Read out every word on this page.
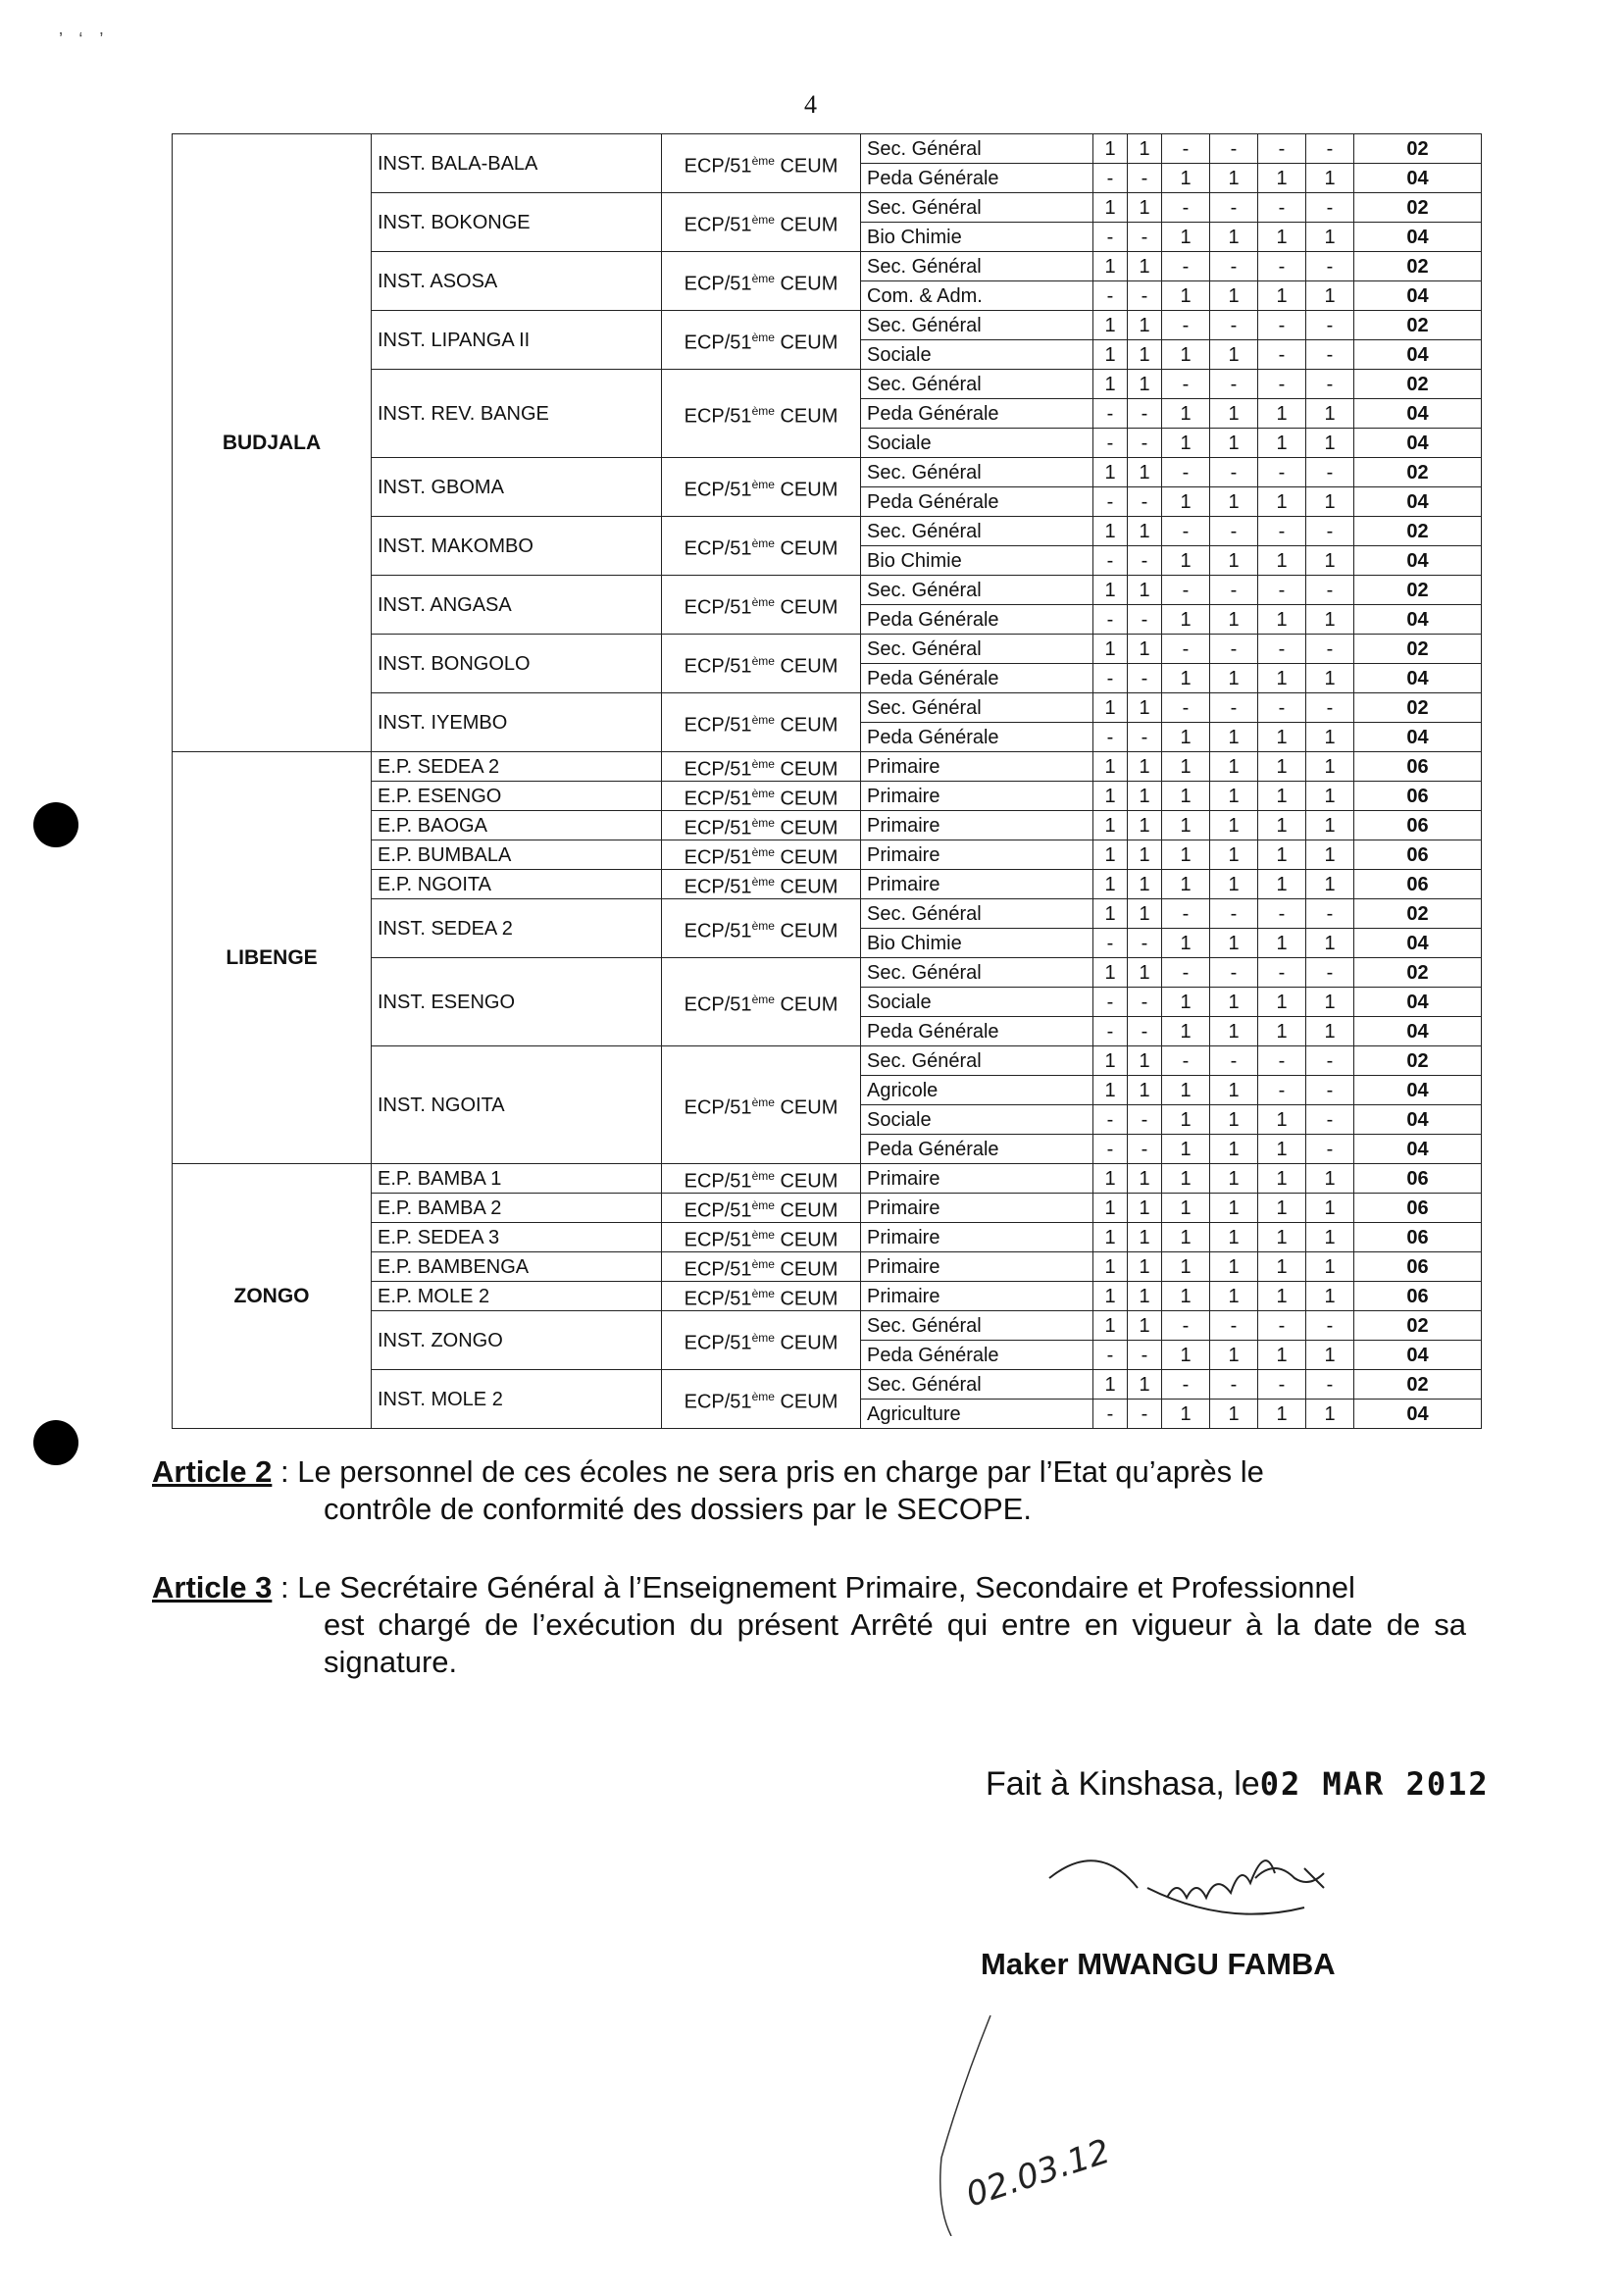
’ ‘ ’
4
BUDJALA	INST. BALA-BALA	ECP/51ème CEUM	Sec. Général	1	1	-	-	-	-	02
			Peda Générale	-	-	1	1	1	1	04
	INST. BOKONGE	ECP/51ème CEUM	Sec. Général	1	1	-	-	-	-	02
			Bio Chimie	-	-	1	1	1	1	04
	INST. ASOSA	ECP/51ème CEUM	Sec. Général	1	1	-	-	-	-	02
			Com. & Adm.	-	-	1	1	1	1	04
	INST. LIPANGA II	ECP/51ème CEUM	Sec. Général	1	1	-	-	-	-	02
			Sociale	1	1	1	1	-	-	04
	INST. REV. BANGE	ECP/51ème CEUM	Sec. Général	1	1	-	-	-	-	02
			Peda Générale	-	-	1	1	1	1	04
			Sociale	-	-	1	1	1	1	04
	INST. GBOMA	ECP/51ème CEUM	Sec. Général	1	1	-	-	-	-	02
			Peda Générale	-	-	1	1	1	1	04
	INST. MAKOMBO	ECP/51ème CEUM	Sec. Général	1	1	-	-	-	-	02
			Bio Chimie	-	-	1	1	1	1	04
	INST. ANGASA	ECP/51ème CEUM	Sec. Général	1	1	-	-	-	-	02
			Peda Générale	-	-	1	1	1	1	04
	INST. BONGOLO	ECP/51ème CEUM	Sec. Général	1	1	-	-	-	-	02
			Peda Générale	-	-	1	1	1	1	04
	INST. IYEMBO	ECP/51ème CEUM	Sec. Général	1	1	-	-	-	-	02
			Peda Générale	-	-	1	1	1	1	04
LIBENGE	E.P. SEDEA 2	ECP/51ème CEUM	Primaire	1	1	1	1	1	1	06
	E.P. ESENGO	ECP/51ème CEUM	Primaire	1	1	1	1	1	1	06
	E.P. BAOGA	ECP/51ème CEUM	Primaire	1	1	1	1	1	1	06
	E.P. BUMBALA	ECP/51ème CEUM	Primaire	1	1	1	1	1	1	06
	E.P. NGOITA	ECP/51ème CEUM	Primaire	1	1	1	1	1	1	06
	INST. SEDEA 2	ECP/51ème CEUM	Sec. Général	1	1	-	-	-	-	02
			Bio Chimie	-	-	1	1	1	1	04
	INST. ESENGO	ECP/51ème CEUM	Sec. Général	1	1	-	-	-	-	02
			Sociale	-	-	1	1	1	1	04
			Peda Générale	-	-	1	1	1	1	04
	INST. NGOITA	ECP/51ème CEUM	Sec. Général	1	1	-	-	-	-	02
			Agricole	1	1	1	1	-	-	04
			Sociale	-	-	1	1	1	-	04
			Peda Générale	-	-	1	1	1	-	04
ZONGO	E.P. BAMBA 1	ECP/51ème CEUM	Primaire	1	1	1	1	1	1	06
	E.P. BAMBA 2	ECP/51ème CEUM	Primaire	1	1	1	1	1	1	06
	E.P. SEDEA 3	ECP/51ème CEUM	Primaire	1	1	1	1	1	1	06
	E.P. BAMBENGA	ECP/51ème CEUM	Primaire	1	1	1	1	1	1	06
	E.P. MOLE 2	ECP/51ème CEUM	Primaire	1	1	1	1	1	1	06
	INST. ZONGO	ECP/51ème CEUM	Sec. Général	1	1	-	-	-	-	02
			Peda Générale	-	-	1	1	1	1	04
	INST. MOLE 2	ECP/51ème CEUM	Sec. Général	1	1	-	-	-	-	02
			Agriculture	-	-	1	1	1	1	04
Article 2 : Le personnel de ces écoles ne sera pris en charge par l’Etat qu’après le
contrôle de conformité des dossiers par le SECOPE.
Article 3 : Le Secrétaire Général à l’Enseignement Primaire, Secondaire et Professionnel
est chargé de l’exécution du présent Arrêté qui entre en vigueur à la date de sa signature.
Fait à Kinshasa, le02 MAR 2012
Maker MWANGU FAMBA
02.03.12
